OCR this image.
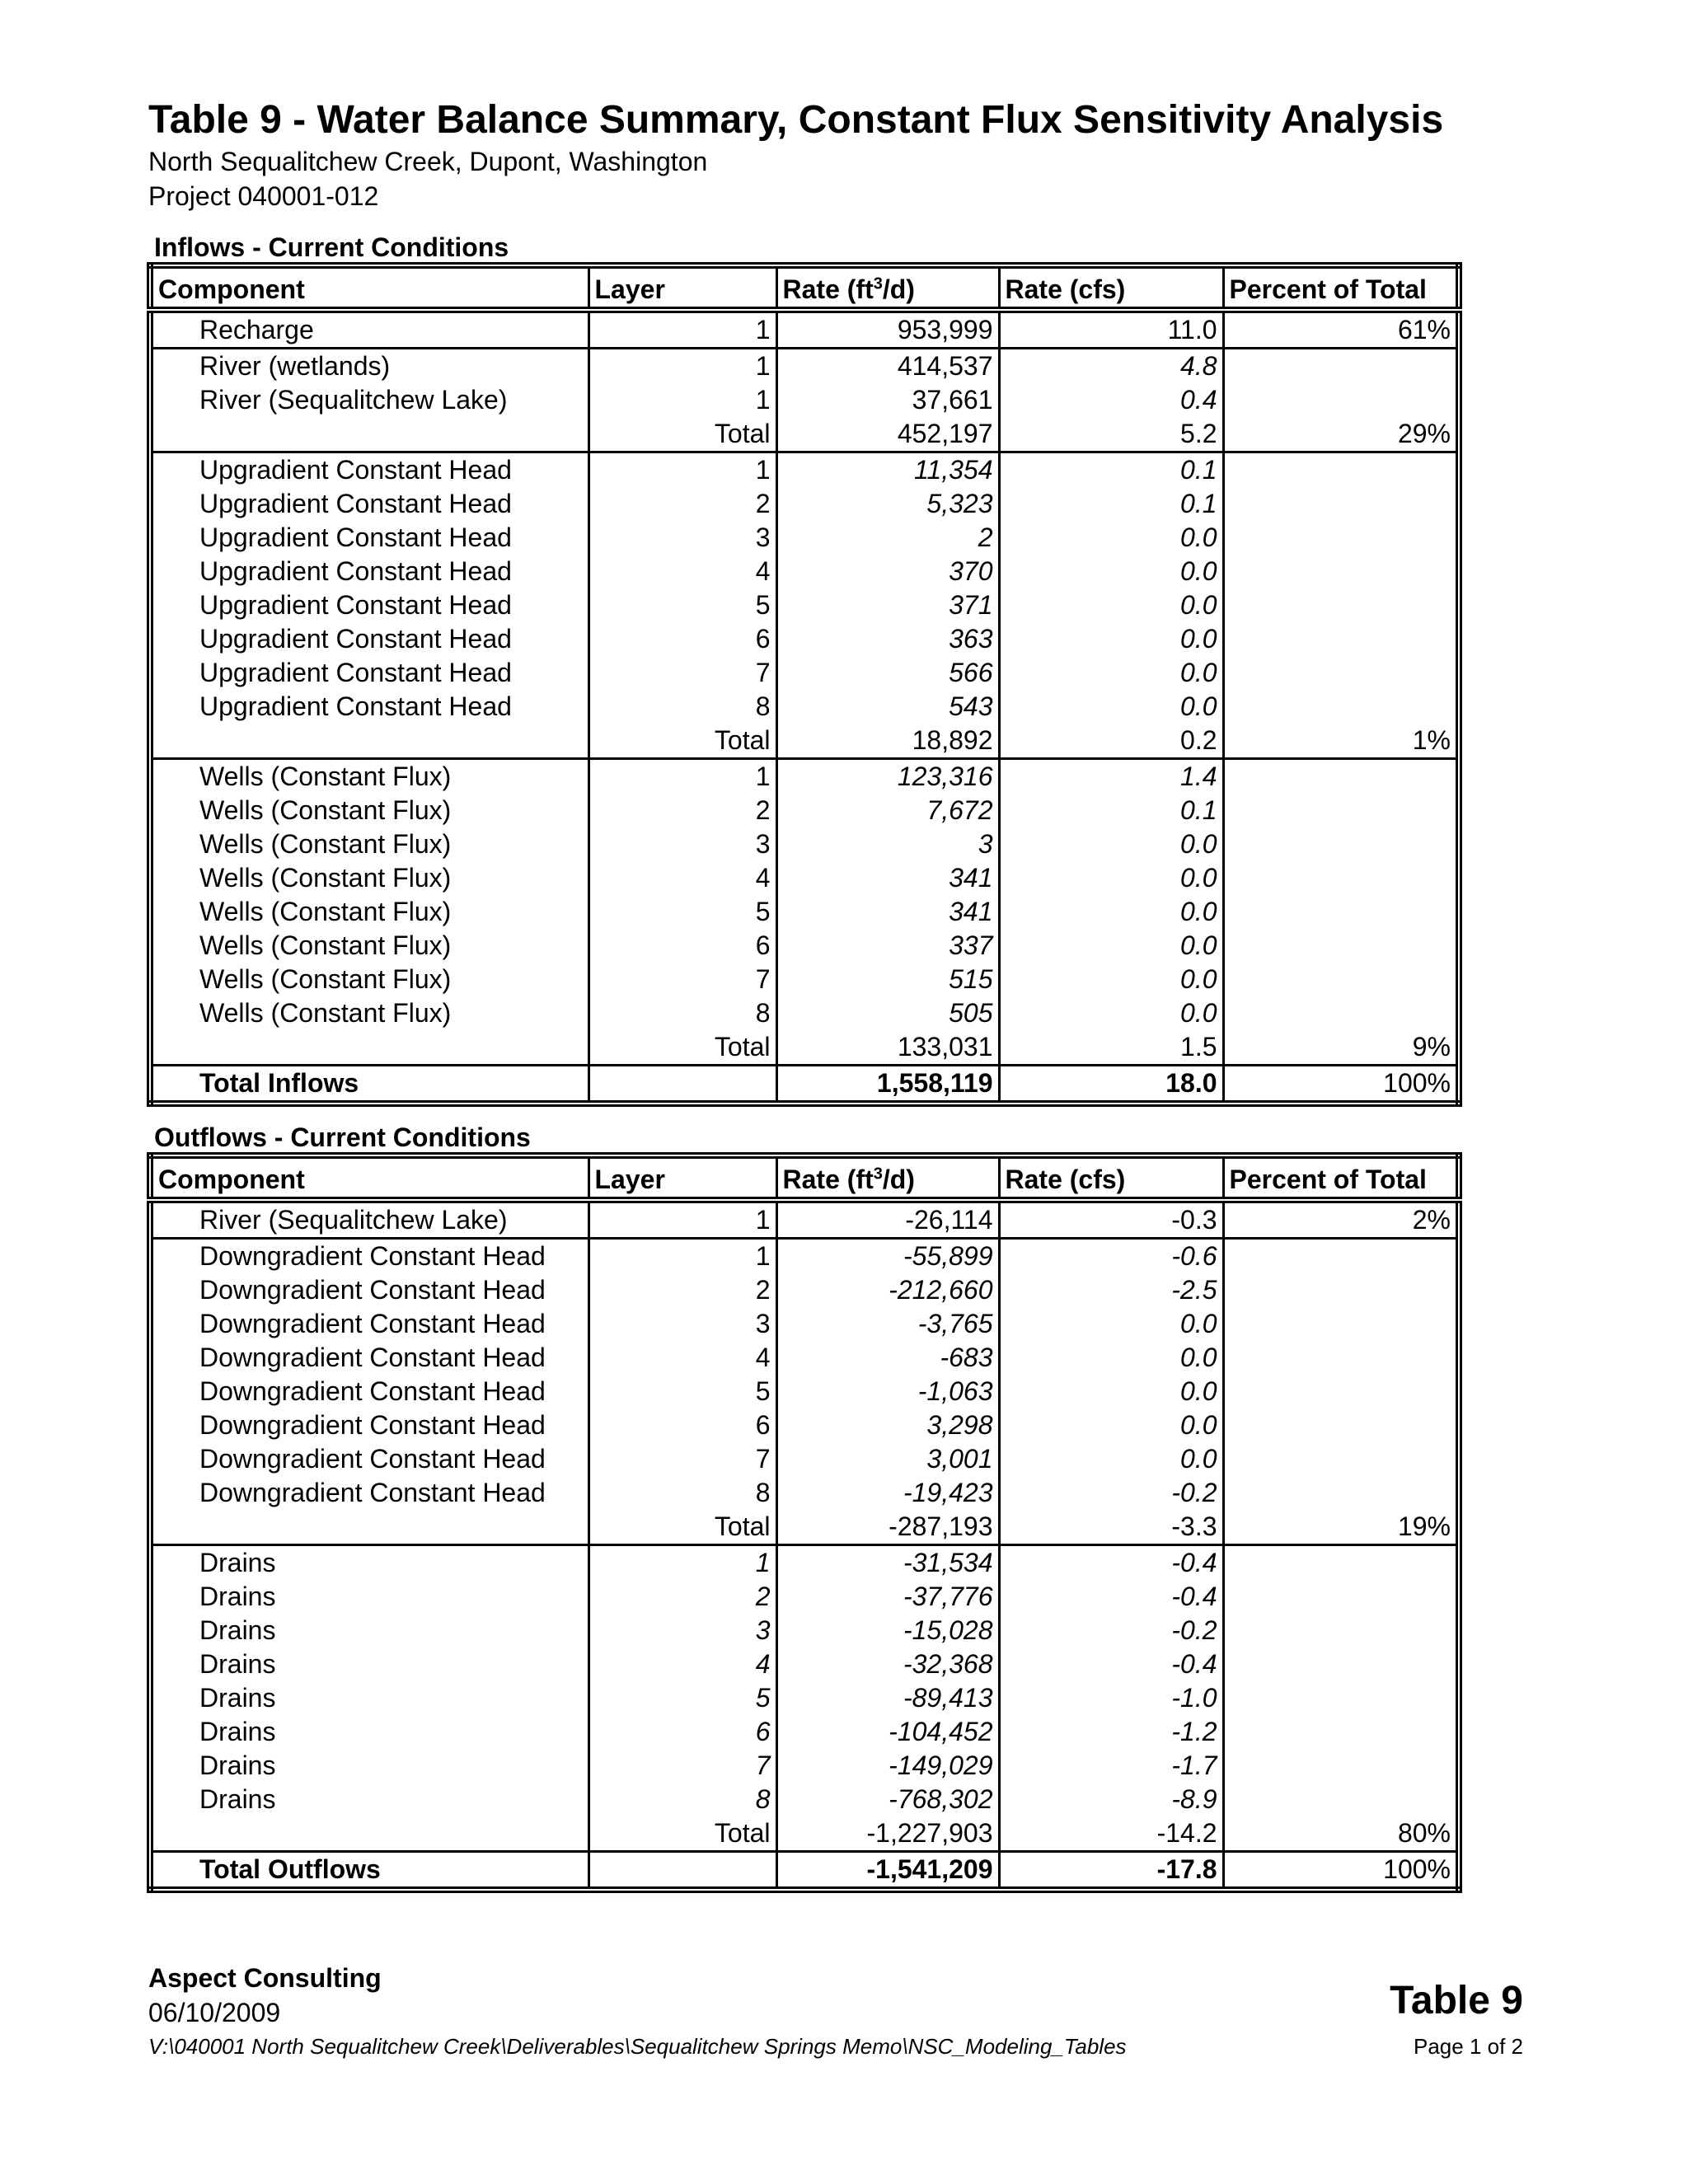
Table 9 - Water Balance Summary, Constant Flux Sensitivity Analysis
North Sequalitchew Creek, Dupont, Washington
Project 040001-012
Inflows - Current Conditions
Component	Layer	Rate $(ft^3/d)$	Rate (cfs)	Percent of Total
Recharge	1	953,999	11.0	61%
River (wetlands)	1	414,537	4.8	
River (Sequalitchew Lake)	1	37,661	0.4	
	Total	452,197	5.2	29%
Upgradient Constant Head	1	11,354	0.1	
Upgradient Constant Head	2	5,323	0.1	
Upgradient Constant Head	3	2	0.0	
Upgradient Constant Head	4	370	0.0	
Upgradient Constant Head	5	371	0.0	
Upgradient Constant Head	6	363	0.0	
Upgradient Constant Head	7	566	0.0	
Upgradient Constant Head	8	543	0.0	
	Total	18,892	0.2	1%
Wells (Constant Flux)	1	123,316	1.4	
Wells (Constant Flux)	2	7,672	0.1	
Wells (Constant Flux)	3	3	0.0	
Wells (Constant Flux)	4	341	0.0	
Wells (Constant Flux)	5	341	0.0	
Wells (Constant Flux)	6	337	0.0	
Wells (Constant Flux)	7	515	0.0	
Wells (Constant Flux)	8	505	0.0	
	Total	133,031	1.5	9%
Total Inflows		1,558,119	18.0	100%
Outflows - Current Conditions
Component	Layer	Rate $(ft^3/d)$	Rate (cfs)	Percent of Total
River (Sequalitchew Lake)	1	-26,114	-0.3	2%
Downgradient Constant Head	1	-55,899	-0.6	
Downgradient Constant Head	2	-212,660	-2.5	
Downgradient Constant Head	3	-3,765	0.0	
Downgradient Constant Head	4	-683	0.0	
Downgradient Constant Head	5	-1,063	0.0	
Downgradient Constant Head	6	3,298	0.0	
Downgradient Constant Head	7	3,001	0.0	
Downgradient Constant Head	8	-19,423	-0.2	
	Total	-287,193	-3.3	19%
Drains	1	-31,534	-0.4	
Drains	2	-37,776	-0.4	
Drains	3	-15,028	-0.2	
Drains	4	-32,368	-0.4	
Drains	5	-89,413	-1.0	
Drains	6	-104,452	-1.2	
Drains	7	-149,029	-1.7	
Drains	8	-768,302	-8.9	
	Total	-1,227,903	-14.2	80%
Total Outflows		-1,541,209	-17.8	100%
Aspect Consulting
06/10/2009
V:\040001 North Sequalitchew Creek\Deliverables\Sequalitchew Springs Memo\NSC_Modeling_Tables
Table 9
Page 1 of 2
